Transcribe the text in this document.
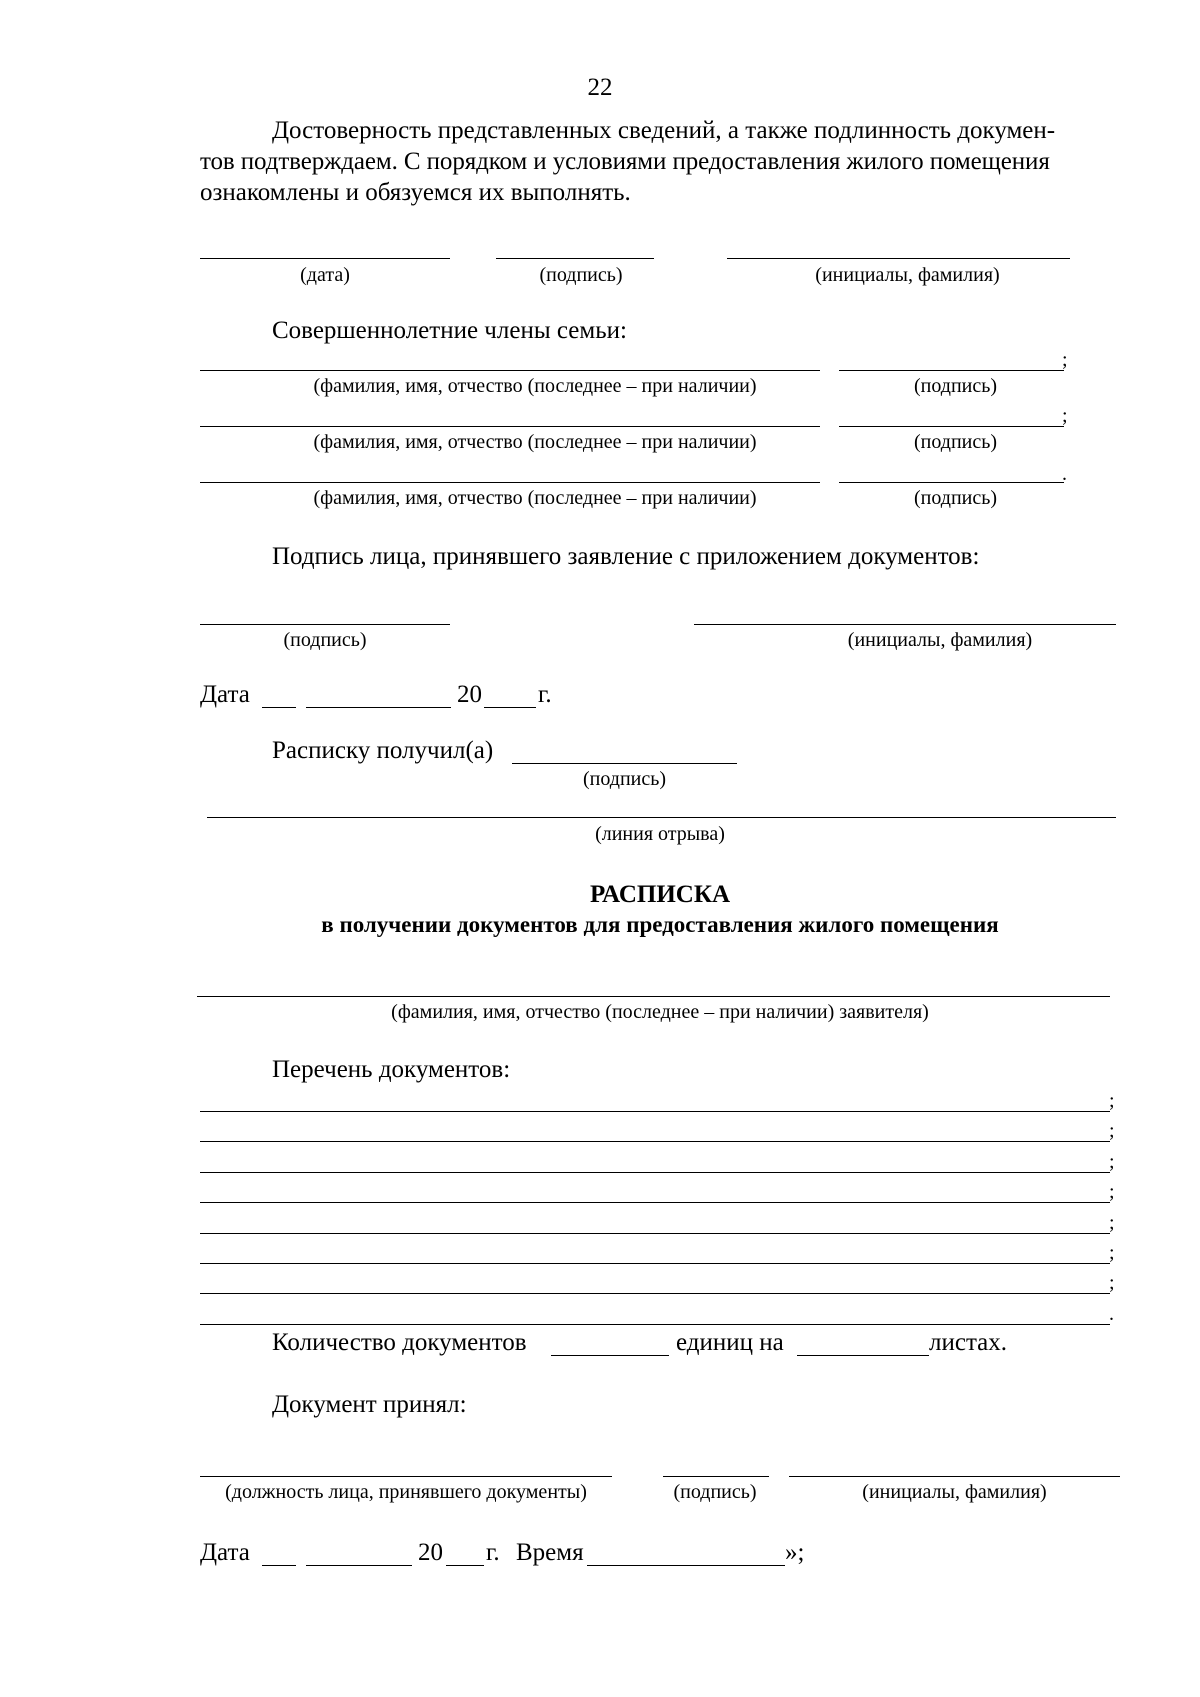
22
Достоверность представленных сведений, а также подлинность докумен-
тов подтверждаем. С порядком и условиями предоставления жилого помещения
ознакомлены и обязуемся их выполнять.
(дата)	(подпись)	(инициалы, фамилия)
Совершеннолетние члены семьи:
;
(фамилия, имя, отчество (последнее – при наличии)	(подпись)
;
(фамилия, имя, отчество (последнее – при наличии)	(подпись)
.
(фамилия, имя, отчество (последнее – при наличии)	(подпись)
Подпись лица, принявшего заявление с приложением документов:
(подпись)	(инициалы, фамилия)
Дата	20 г.
Расписку получил(а)
(подпись)
(линия отрыва)
РАСПИСКА
в получении документов для предоставления жилого помещения
(фамилия, имя, отчество (последнее – при наличии) заявителя)
Перечень документов:
;
;
;
;
;
;
;
.
Количество документов	единиц на	листах.
Документ принял:
(должность лица, принявшего документы)	(подпись)	(инициалы, фамилия)
Дата	20 г. Время	»;
